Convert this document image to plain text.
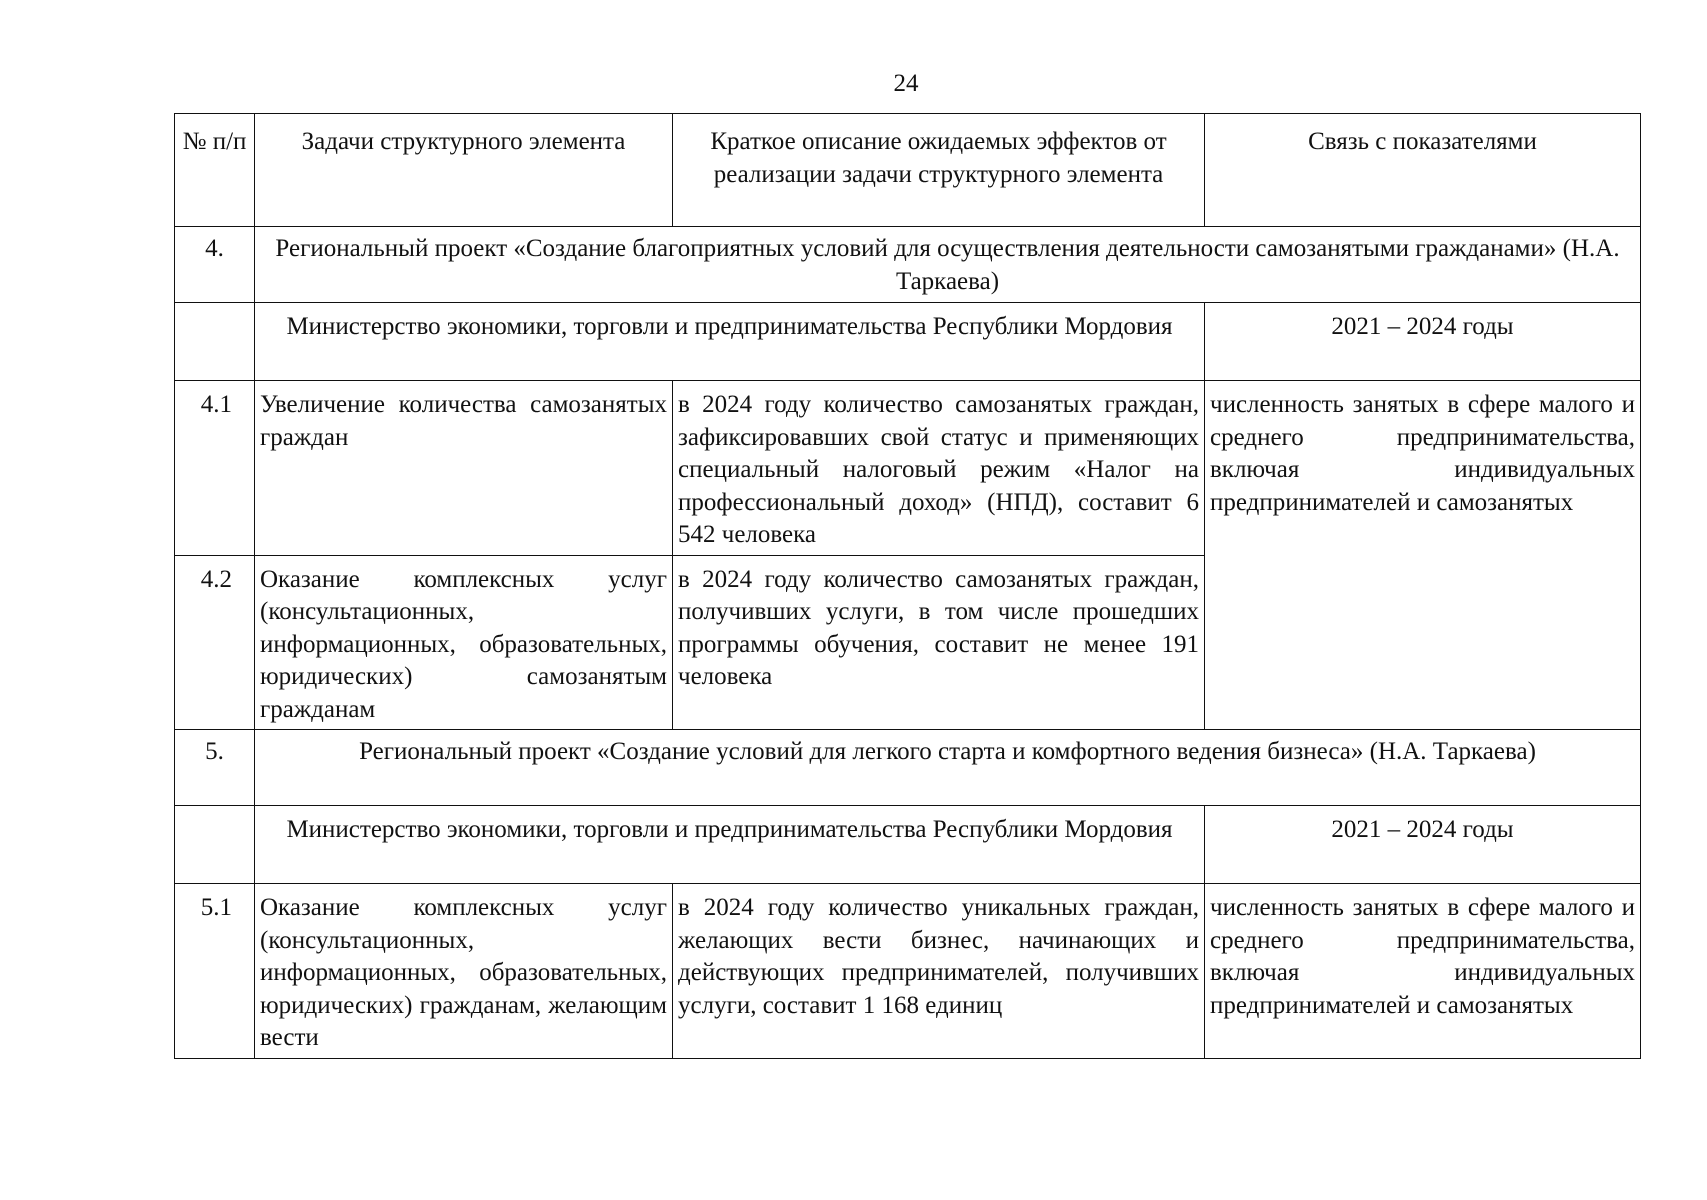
24
№ п/п	Задачи структурного элемента	Краткое описание ожидаемых эффектов от реализации задачи структурного элемента	Связь с показателями
4.	Региональный проект «Создание благоприятных условий для осуществления деятельности самозанятыми гражданами» (Н.А. Таркаева)		
	Министерство экономики, торговли и предпринимательства Республики Мордовия		2021 – 2024 годы
4.1	Увеличение количества самозанятых граждан	в 2024 году количество самозанятых граждан, зафиксировавших свой статус и применяющих специальный налоговый режим «Налог на профессиональный доход» (НПД), составит 6 542 человека	численность занятых в сфере малого и среднего предпринимательства, включая индивидуальных предпринимателей и самозанятых
4.2	Оказание комплексных услуг (консультационных, информационных, образовательных, юридических) самозанятым гражданам	в 2024 году количество самозанятых граждан, получивших услуги, в том числе прошедших программы обучения, составит не менее 191 человека	
5.	Региональный проект «Создание условий для легкого старта и комфортного ведения бизнеса» (Н.А. Таркаева)		
	Министерство экономики, торговли и предпринимательства Республики Мордовия		2021 – 2024 годы
5.1	Оказание комплексных услуг (консультационных, информационных, образовательных, юридических) гражданам, желающим вести	в 2024 году количество уникальных граждан, желающих вести бизнес, начинающих и действующих предпринимателей, получивших услуги, составит 1 168 единиц	численность занятых в сфере малого и среднего предпринимательства, включая индивидуальных предпринимателей и самозанятых
